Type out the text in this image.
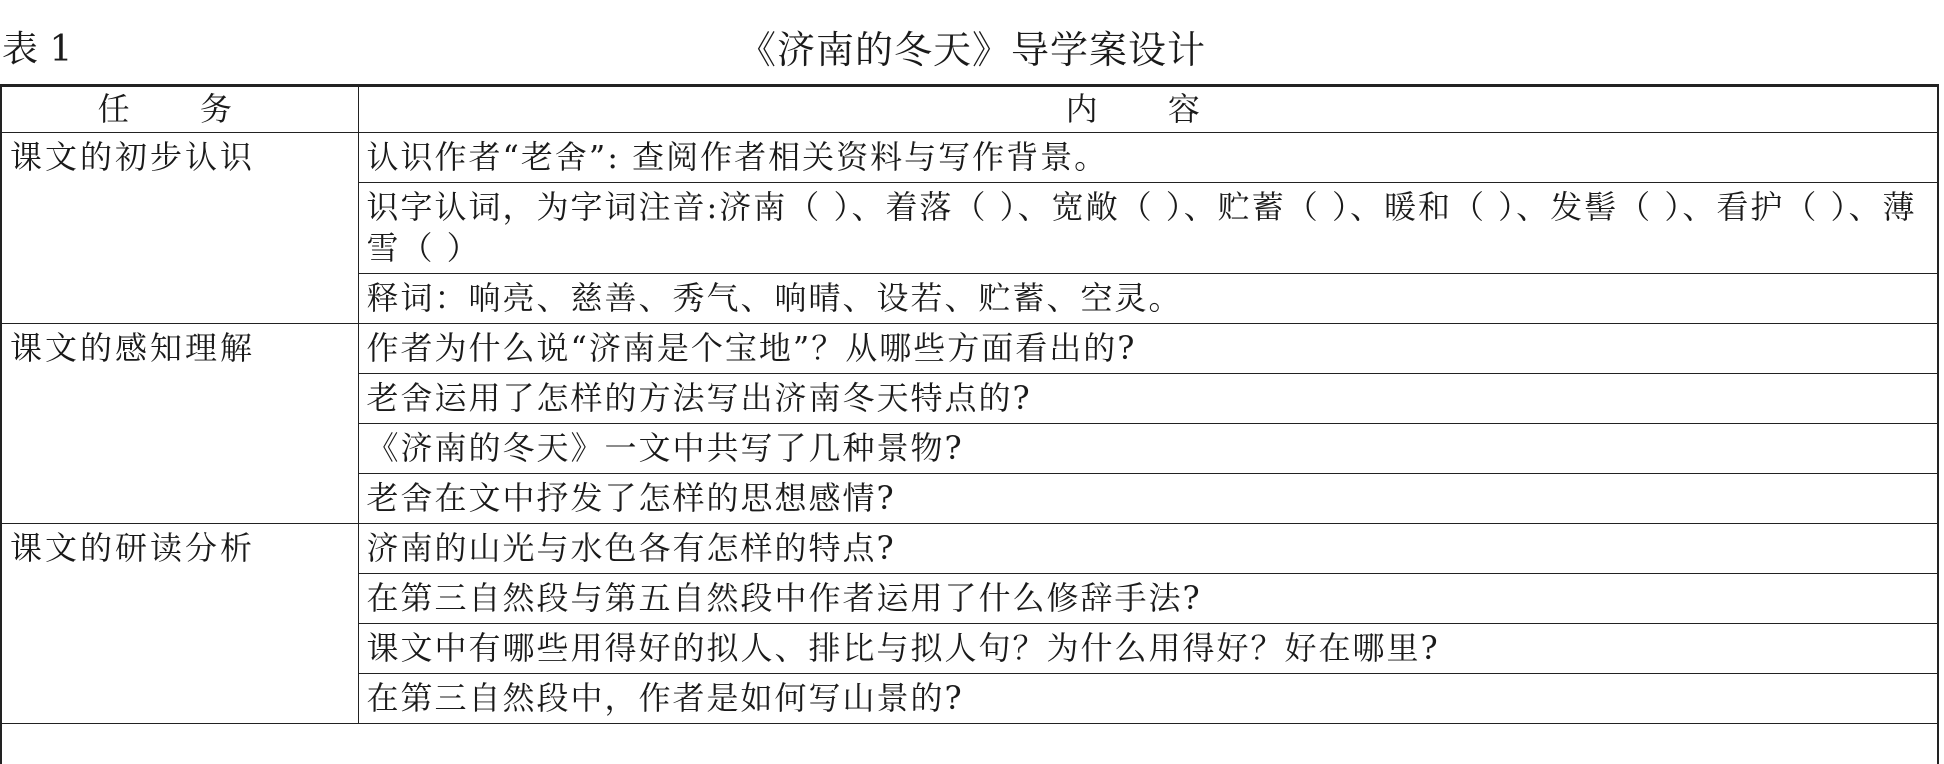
表 1	《济南的冬天》导学案设计
任 务	内 容
课文的初步认识	认识作者“老舍”: 查阅作者相关资料与写作背景。
	识字认词，为字词注音:济南（ ）、着落（ ）、宽敞（ ）、贮蓄（ ）、暖和（ ）、发髻（ ）、看护（ ）、薄雪（ ）
	释词：响亮、慈善、秀气、响晴、设若、贮蓄、空灵。
课文的感知理解	作者为什么说“济南是个宝地”？从哪些方面看出的?
	老舍运用了怎样的方法写出济南冬天特点的?
	《济南的冬天》一文中共写了几种景物?
	老舍在文中抒发了怎样的思想感情?
课文的研读分析	济南的山光与水色各有怎样的特点?
	在第三自然段与第五自然段中作者运用了什么修辞手法?
	课文中有哪些用得好的拟人、排比与拟人句？为什么用得好？好在哪里?
	在第三自然段中，作者是如何写山景的?
